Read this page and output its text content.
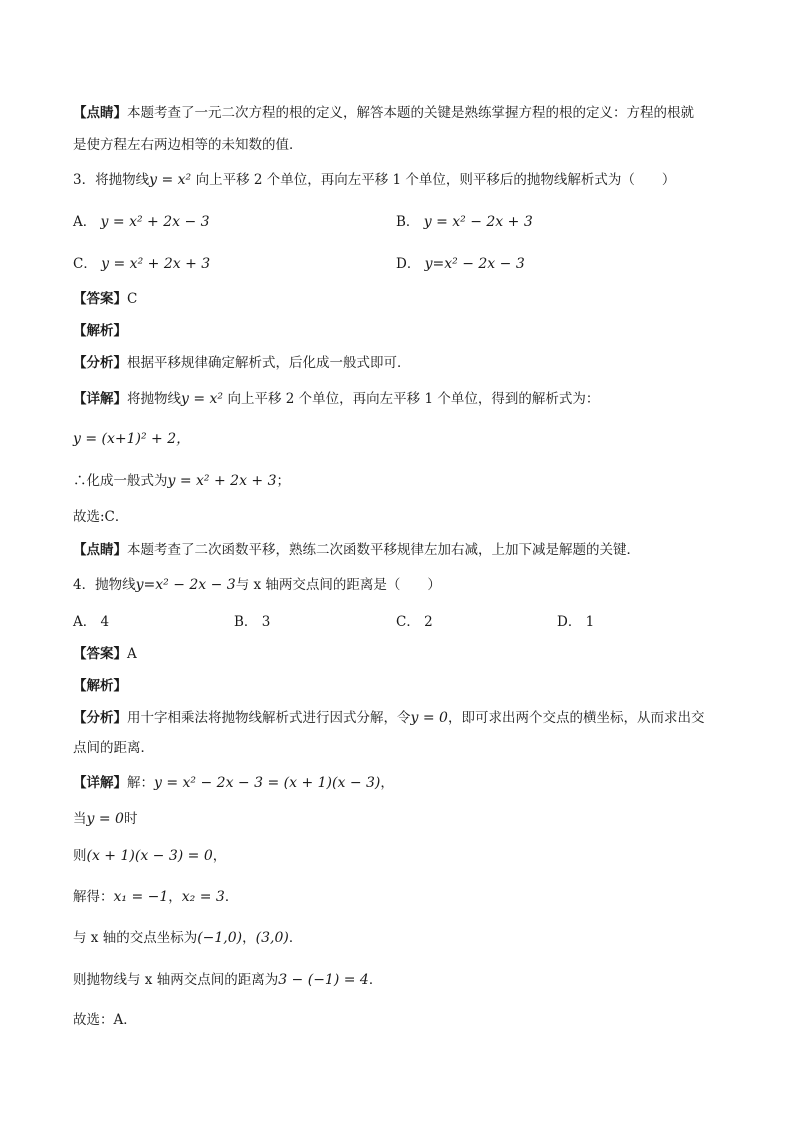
【点睛】本题考查了一元二次方程的根的定义，解答本题的关键是熟练掌握方程的根的定义：方程的根就
是使方程左右两边相等的未知数的值．
3．将抛物线y = x² 向上平移 2 个单位，再向左平移 1 个单位，则平移后的抛物线解析式为（　　）
A． y = x² + 2x − 3	B． y = x² − 2x + 3
C． y = x² + 2x + 3	D． y=x² − 2x − 3
【答案】C
【解析】
【分析】根据平移规律确定解析式，后化成一般式即可．
【详解】将抛物线y = x² 向上平移 2 个单位，再向左平移 1 个单位，得到的解析式为：
y = (x+1)² + 2，
∴化成一般式为y = x² + 2x + 3；
故选:C．
【点睛】本题考查了二次函数平移，熟练二次函数平移规律左加右减，上加下减是解题的关键．
4．抛物线y=x² − 2x − 3与 x 轴两交点间的距离是（　　）
A． 4	B． 3	C． 2	D． 1
【答案】A
【解析】
【分析】用十字相乘法将抛物线解析式进行因式分解，令y = 0，即可求出两个交点的横坐标，从而求出交
点间的距离．
【详解】解：y = x² − 2x − 3 = (x + 1)(x − 3)，
当y = 0时
则(x + 1)(x − 3) = 0，
解得：x₁ = −1，x₂ = 3．
与 x 轴的交点坐标为(−1,0)，(3,0)．
则抛物线与 x 轴两交点间的距离为3 − (−1) = 4．
故选：A．
